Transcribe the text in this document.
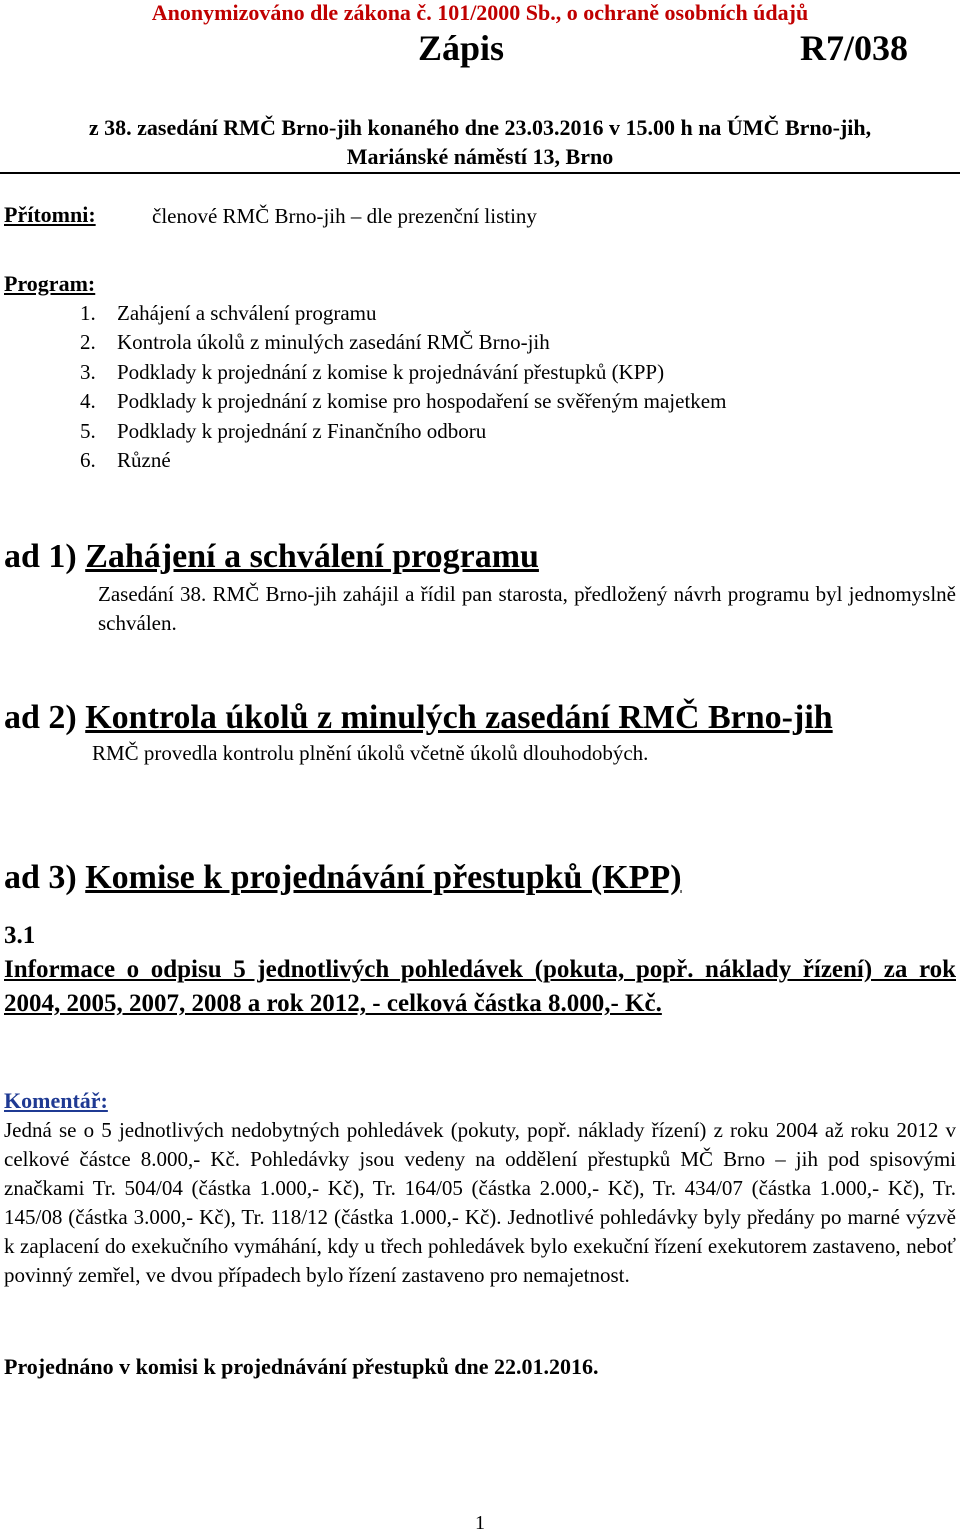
Anonymizováno dle zákona č. 101/2000 Sb., o ochraně osobních údajů
Zápis	R7/038
z 38. zasedání RMČ Brno-jih konaného dne 23.03.2016 v 15.00 h na ÚMČ Brno-jih,
Mariánské náměstí 13, Brno
Přítomni:	členové RMČ Brno-jih – dle prezenční listiny
Program:
1. Zahájení a schválení programu
2. Kontrola úkolů z minulých zasedání RMČ Brno-jih
3. Podklady k projednání z komise k projednávání přestupků (KPP)
4. Podklady k projednání z komise pro hospodaření se svěřeným majetkem
5. Podklady k projednání z Finančního odboru
6. Různé
ad 1) Zahájení a schválení programu
Zasedání 38. RMČ Brno-jih zahájil a řídil pan starosta, předložený návrh programu byl jednomyslně schválen.
ad 2) Kontrola úkolů z minulých zasedání RMČ Brno-jih
RMČ provedla kontrolu plnění úkolů včetně úkolů dlouhodobých.
ad 3) Komise k projednávání přestupků (KPP)
3.1
Informace o odpisu 5 jednotlivých pohledávek (pokuta, popř. náklady řízení) za rok 2004, 2005, 2007, 2008 a rok 2012, - celková částka 8.000,- Kč.
Komentář:
Jedná se o 5 jednotlivých nedobytných pohledávek (pokuty, popř. náklady řízení) z roku 2004 až roku 2012 v celkové částce 8.000,- Kč. Pohledávky jsou vedeny na oddělení přestupků MČ Brno – jih pod spisovými značkami Tr. 504/04 (částka 1.000,- Kč), Tr. 164/05 (částka 2.000,- Kč), Tr. 434/07 (částka 1.000,- Kč), Tr. 145/08 (částka 3.000,- Kč), Tr. 118/12 (částka 1.000,- Kč). Jednotlivé pohledávky byly předány po marné výzvě k zaplacení do exekučního vymáhání, kdy u třech pohledávek bylo exekuční řízení exekutorem zastaveno, neboť povinný zemřel, ve dvou případech bylo řízení zastaveno pro nemajetnost.
Projednáno v komisi k projednávání přestupků dne 22.01.2016.
1
